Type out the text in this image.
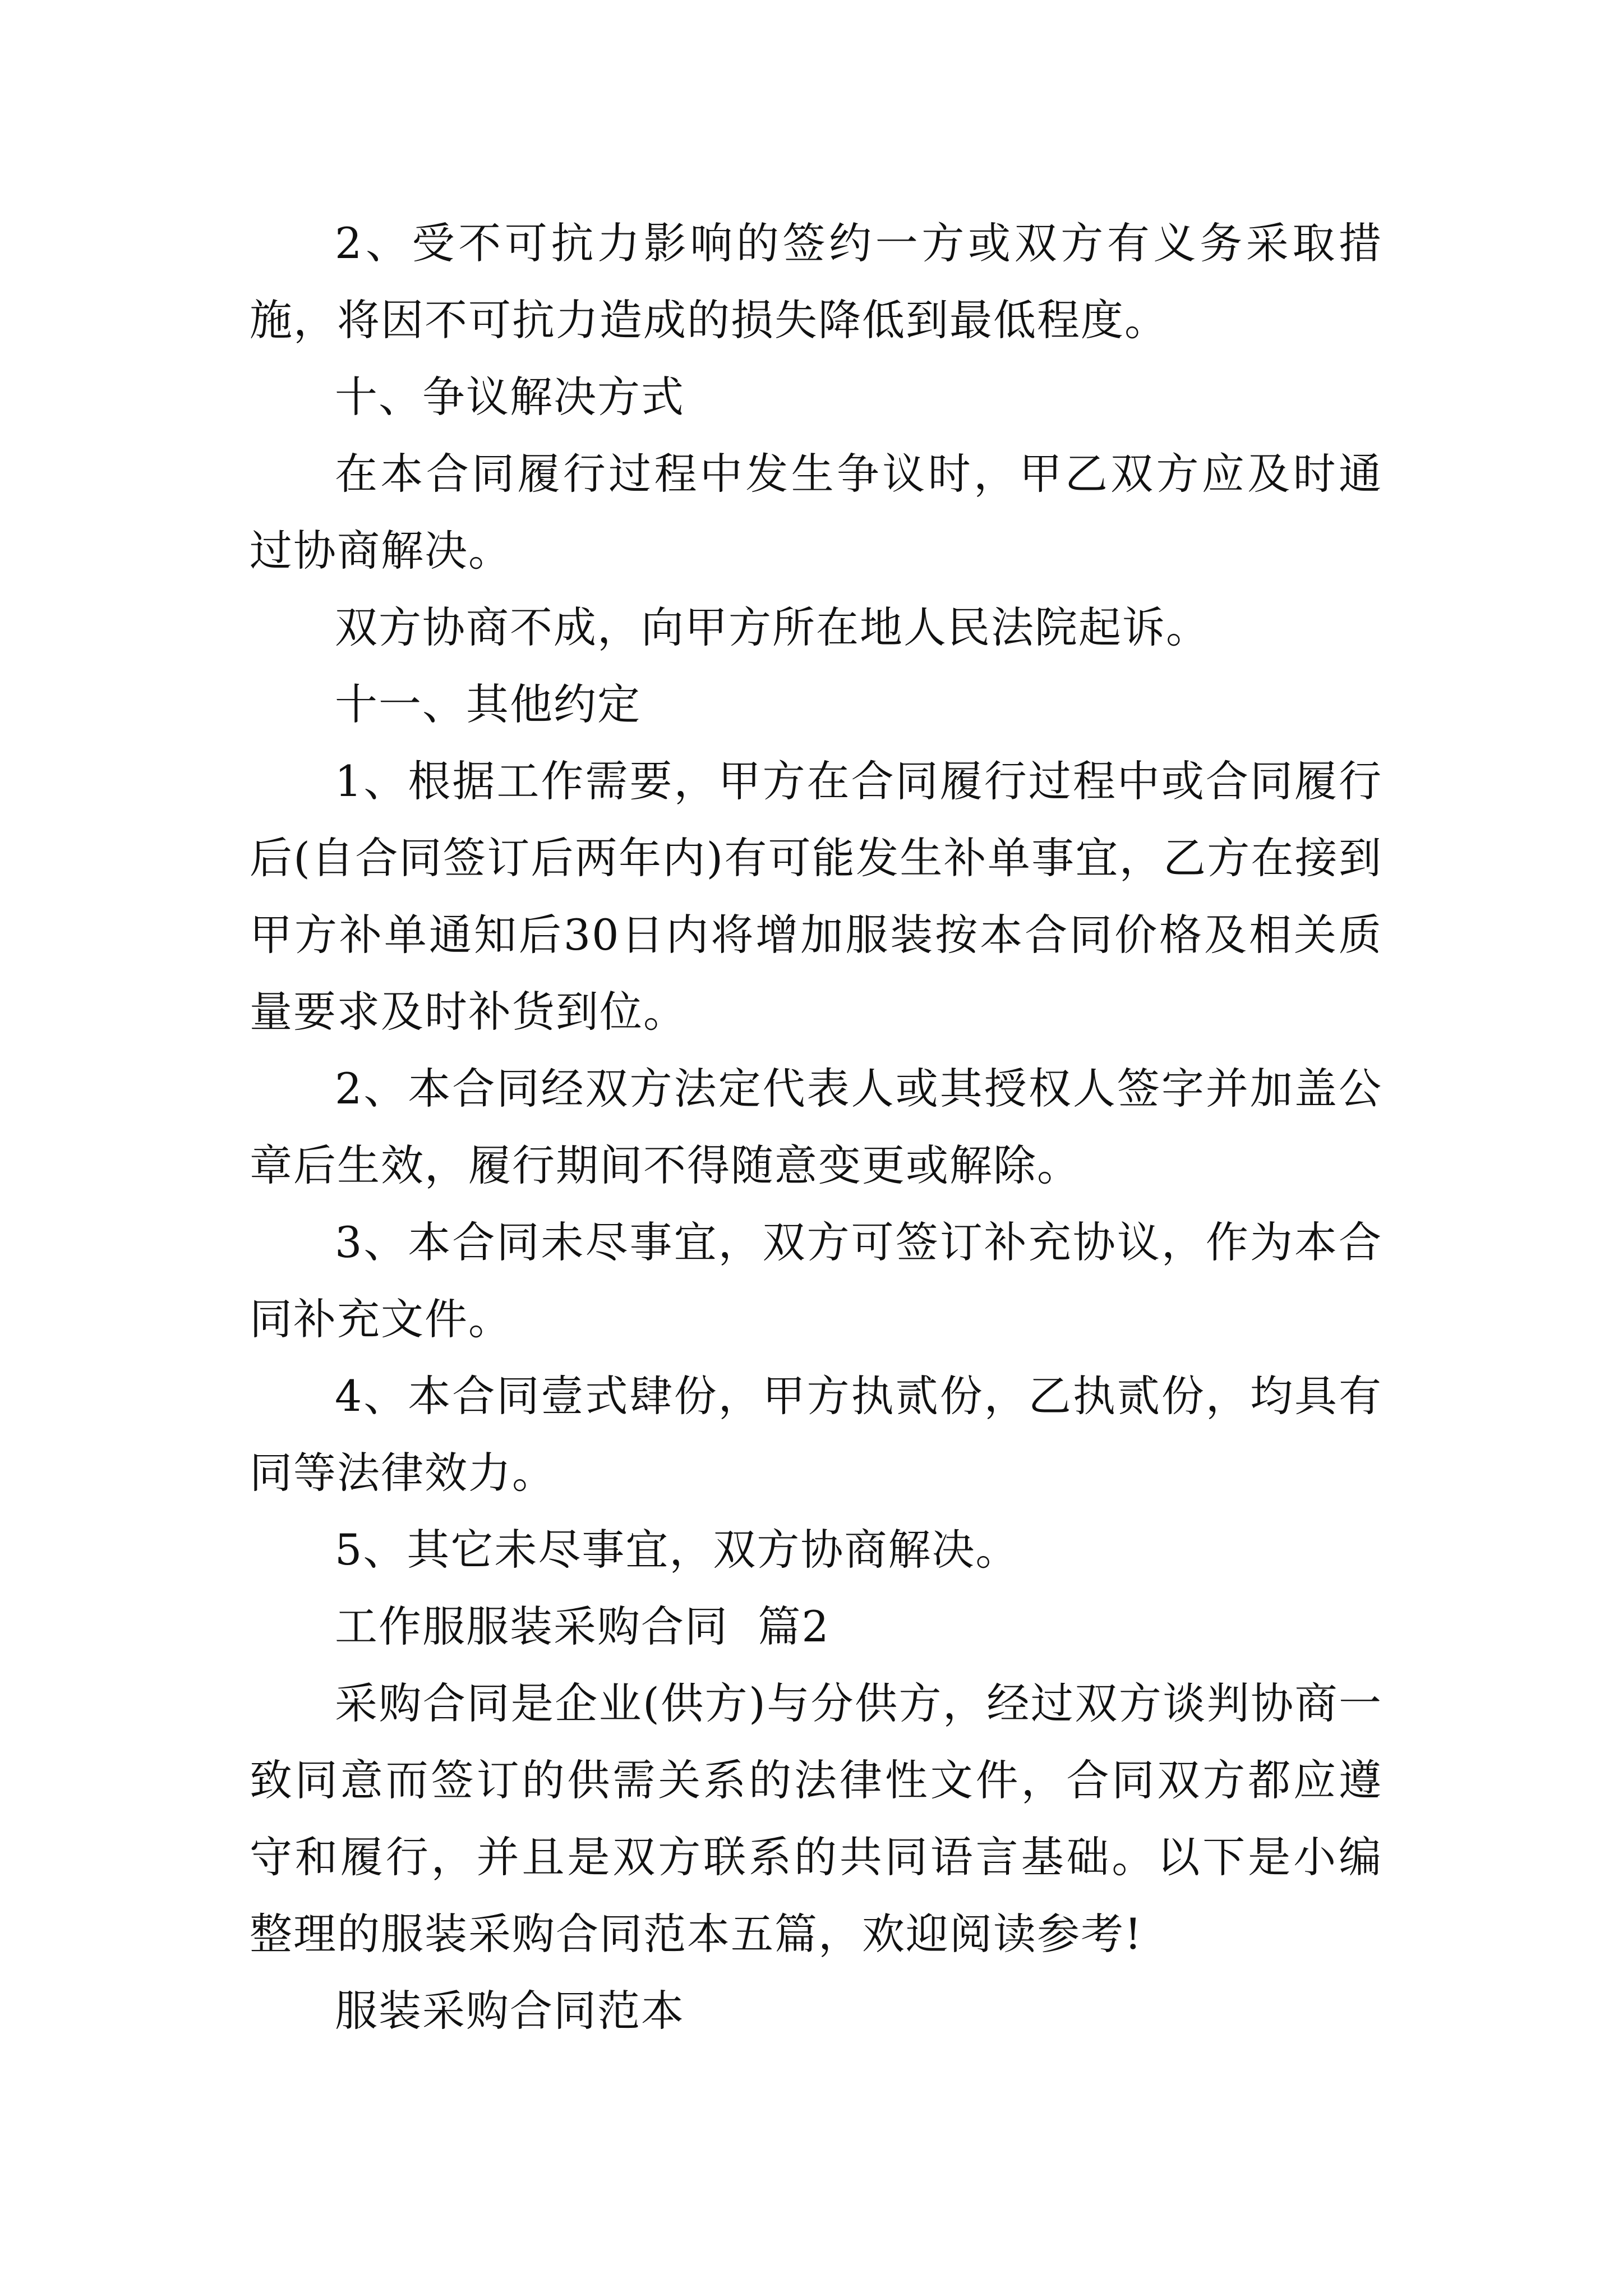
2、受不可抗力影响的签约一方或双方有义务采取措施，将因不可抗力造成的损失降低到最低程度。

十、争议解决方式

在本合同履行过程中发生争议时，甲乙双方应及时通过协商解决。

双方协商不成，向甲方所在地人民法院起诉。

十一、其他约定

1、根据工作需要，甲方在合同履行过程中或合同履行后(自合同签订后两年内)有可能发生补单事宜，乙方在接到甲方补单通知后30日内将增加服装按本合同价格及相关质量要求及时补货到位。

2、本合同经双方法定代表人或其授权人签字并加盖公章后生效，履行期间不得随意变更或解除。

3、本合同未尽事宜，双方可签订补充协议，作为本合同补充文件。

4、本合同壹式肆份，甲方执贰份，乙执贰份，均具有同等法律效力。

5、其它未尽事宜，双方协商解决。

工作服服装采购合同  篇2

采购合同是企业(供方)与分供方，经过双方谈判协商一致同意而签订的供需关系的法律性文件，合同双方都应遵守和履行，并且是双方联系的共同语言基础。以下是小编整理的服装采购合同范本五篇，欢迎阅读参考!

服装采购合同范本
